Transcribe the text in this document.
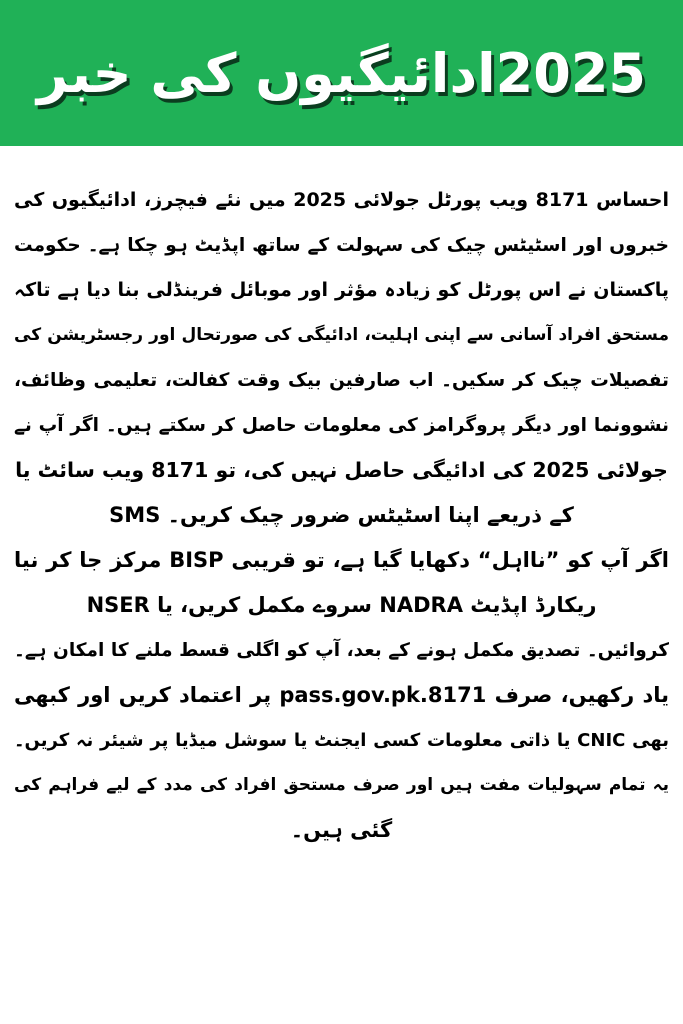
2025ادائیگیوں کی خبر
احساس 8171 ویب پورٹل جولائی 2025 میں نئے فیچرز، ادائیگیوں کی
خبروں اور اسٹیٹس چیک کی سہولت کے ساتھ اپڈیٹ ہو چکا ہے۔ حکومت
پاکستان نے اس پورٹل کو زیادہ مؤثر اور موبائل فرینڈلی بنا دیا ہے تاکہ
مستحق افراد آسانی سے اپنی اہلیت، ادائیگی کی صورتحال اور رجسٹریشن کی
تفصیلات چیک کر سکیں۔ اب صارفین بیک وقت کفالت، تعلیمی وظائف،
نشوونما اور دیگر پروگرامز کی معلومات حاصل کر سکتے ہیں۔ اگر آپ نے
جولائی 2025 کی ادائیگی حاصل نہیں کی، تو 8171 ویب سائٹ یا
SMS کے ذریعے اپنا اسٹیٹس ضرور چیک کریں۔
اگر آپ کو ”نااہل“ دکھایا گیا ہے، تو قریبی BISP مرکز جا کر نیا
NSER سروے مکمل کریں، یا NADRA ریکارڈ اپڈیٹ
کروائیں۔ تصدیق مکمل ہونے کے بعد، آپ کو اگلی قسط ملنے کا امکان ہے۔
یاد رکھیں، صرف pass.gov.pk.8171 پر اعتماد کریں اور کبھی
بھی CNIC یا ذاتی معلومات کسی ایجنٹ یا سوشل میڈیا پر شیئر نہ کریں۔
یہ تمام سہولیات مفت ہیں اور صرف مستحق افراد کی مدد کے لیے فراہم کی
گئی ہیں۔
